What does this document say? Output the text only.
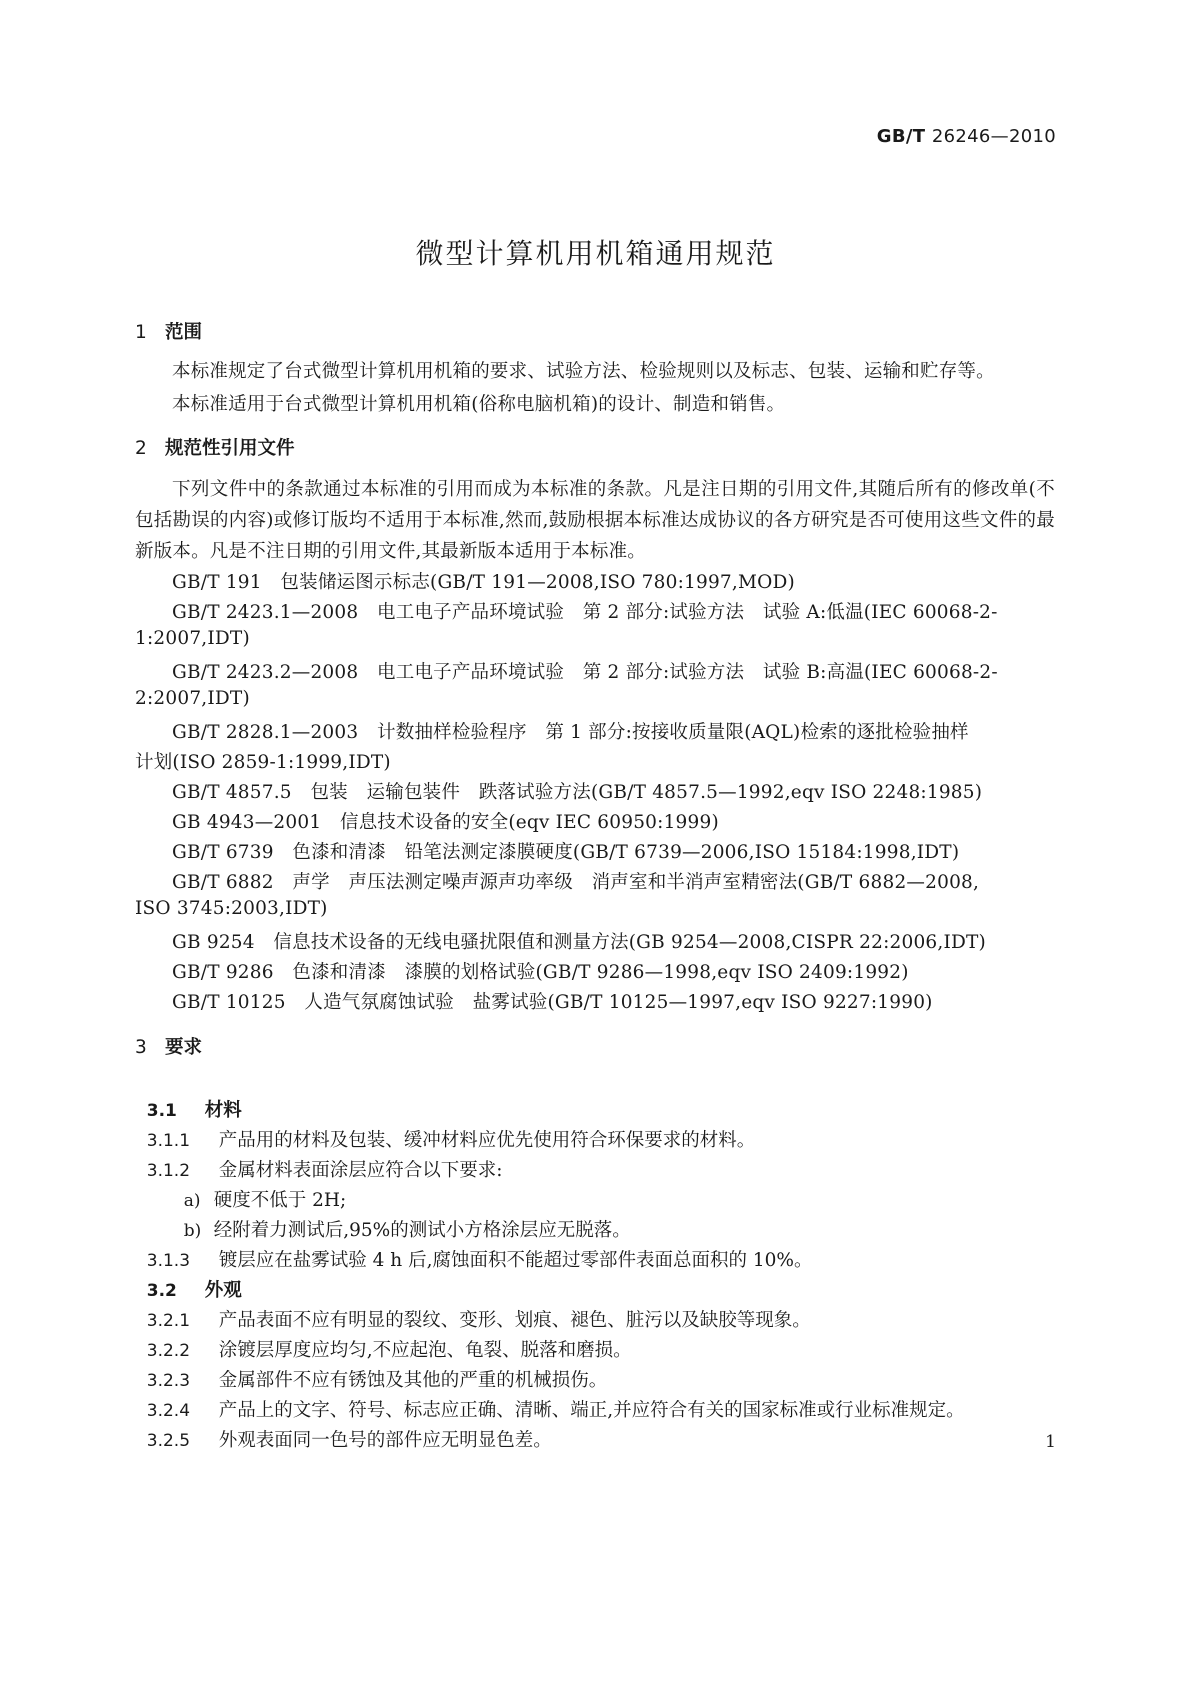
GB/T 26246—2010
微型计算机用机箱通用规范
1 范围
本标准规定了台式微型计算机用机箱的要求、试验方法、检验规则以及标志、包装、运输和贮存等。
本标准适用于台式微型计算机用机箱(俗称电脑机箱)的设计、制造和销售。
2 规范性引用文件
下列文件中的条款通过本标准的引用而成为本标准的条款。凡是注日期的引用文件,其随后所有的修改单(不包括勘误的内容)或修订版均不适用于本标准,然而,鼓励根据本标准达成协议的各方研究是否可使用这些文件的最新版本。凡是不注日期的引用文件,其最新版本适用于本标准。
GB/T 191　包装储运图示标志(GB/T 191—2008,ISO 780:1997,MOD)
GB/T 2423.1—2008　电工电子产品环境试验　第 2 部分:试验方法　试验 A:低温(IEC 60068-2-
1:2007,IDT)
GB/T 2423.2—2008　电工电子产品环境试验　第 2 部分:试验方法　试验 B:高温(IEC 60068-2-
2:2007,IDT)
GB/T 2828.1—2003　计数抽样检验程序　第 1 部分:按接收质量限(AQL)检索的逐批检验抽样
计划(ISO 2859-1:1999,IDT)
GB/T 4857.5　包装　运输包装件　跌落试验方法(GB/T 4857.5—1992,eqv ISO 2248:1985)
GB 4943—2001　信息技术设备的安全(eqv IEC 60950:1999)
GB/T 6739　色漆和清漆　铅笔法测定漆膜硬度(GB/T 6739—2006,ISO 15184:1998,IDT)
GB/T 6882　声学　声压法测定噪声源声功率级　消声室和半消声室精密法(GB/T 6882—2008,
ISO 3745:2003,IDT)
GB 9254　信息技术设备的无线电骚扰限值和测量方法(GB 9254—2008,CISPR 22:2006,IDT)
GB/T 9286　色漆和清漆　漆膜的划格试验(GB/T 9286—1998,eqv ISO 2409:1992)
GB/T 10125　人造气氛腐蚀试验　盐雾试验(GB/T 10125—1997,eqv ISO 9227:1990)
3 要求

3.1 材料

3.1.1 产品用的材料及包装、缓冲材料应优先使用符合环保要求的材料。

3.1.2 金属材料表面涂层应符合以下要求:

a) 硬度不低于 2H;

b) 经附着力测试后,95%的测试小方格涂层应无脱落。

3.1.3 镀层应在盐雾试验 4 h 后,腐蚀面积不能超过零部件表面总面积的 10%。

3.2 外观

3.2.1 产品表面不应有明显的裂纹、变形、划痕、褪色、脏污以及缺胶等现象。

3.2.2 涂镀层厚度应均匀,不应起泡、龟裂、脱落和磨损。

3.2.3 金属部件不应有锈蚀及其他的严重的机械损伤。

3.2.4 产品上的文字、符号、标志应正确、清晰、端正,并应符合有关的国家标准或行业标准规定。

3.2.5 外观表面同一色号的部件应无明显色差。	1
